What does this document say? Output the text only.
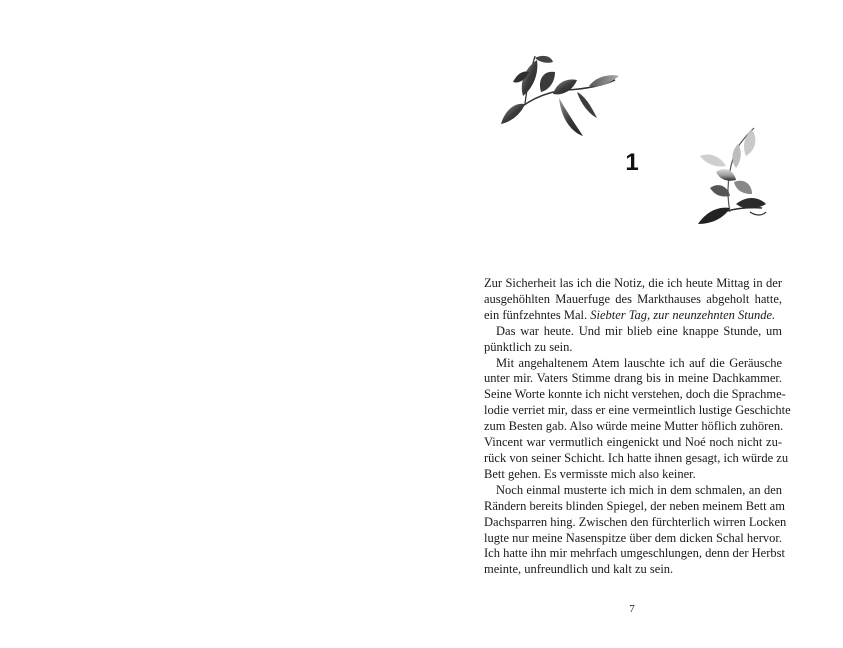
1
Zur Sicherheit las ich die Notiz, die ich heute Mittag in der
ausgehöhlten Mauerfuge des Markthauses abgeholt hatte,
ein fünfzehntes Mal. Siebter Tag, zur neunzehnten Stunde.
Das war heute. Und mir blieb eine knappe Stunde, um
pünktlich zu sein.
Mit angehaltenem Atem lauschte ich auf die Geräusche
unter mir. Vaters Stimme drang bis in meine Dachkammer.
Seine Worte konnte ich nicht verstehen, doch die Sprachme-
lodie verriet mir, dass er eine vermeintlich lustige Geschichte
zum Besten gab. Also würde meine Mutter höflich zuhören.
Vincent war vermutlich eingenickt und Noé noch nicht zu-
rück von seiner Schicht. Ich hatte ihnen gesagt, ich würde zu
Bett gehen. Es vermisste mich also keiner.
Noch einmal musterte ich mich in dem schmalen, an den
Rändern bereits blinden Spiegel, der neben meinem Bett am
Dachsparren hing. Zwischen den fürchterlich wirren Locken
lugte nur meine Nasenspitze über dem dicken Schal hervor.
Ich hatte ihn mir mehrfach umgeschlungen, denn der Herbst
meinte, unfreundlich und kalt zu sein.
7
